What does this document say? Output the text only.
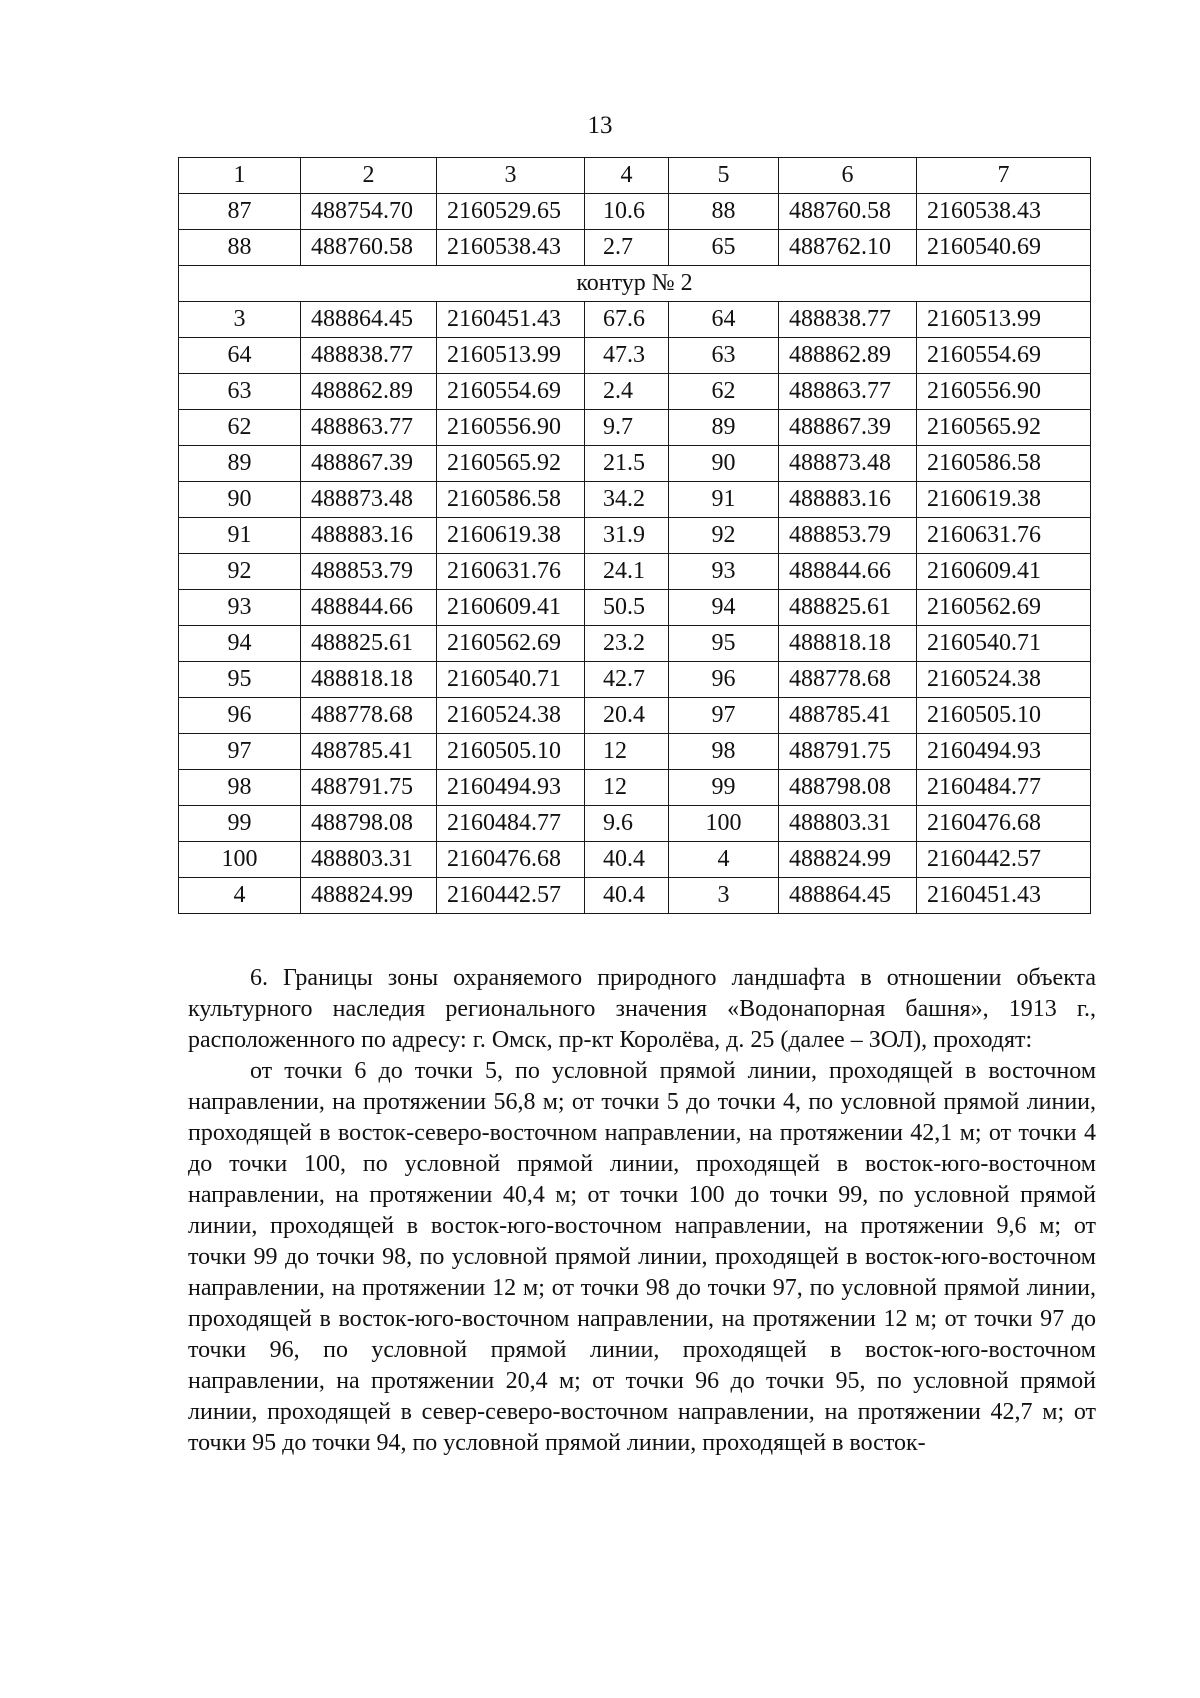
13
1	2	3	4	5	6	7
87	488754.70	2160529.65	10.6	88	488760.58	2160538.43
88	488760.58	2160538.43	2.7	65	488762.10	2160540.69
контур № 2						
3	488864.45	2160451.43	67.6	64	488838.77	2160513.99
64	488838.77	2160513.99	47.3	63	488862.89	2160554.69
63	488862.89	2160554.69	2.4	62	488863.77	2160556.90
62	488863.77	2160556.90	9.7	89	488867.39	2160565.92
89	488867.39	2160565.92	21.5	90	488873.48	2160586.58
90	488873.48	2160586.58	34.2	91	488883.16	2160619.38
91	488883.16	2160619.38	31.9	92	488853.79	2160631.76
92	488853.79	2160631.76	24.1	93	488844.66	2160609.41
93	488844.66	2160609.41	50.5	94	488825.61	2160562.69
94	488825.61	2160562.69	23.2	95	488818.18	2160540.71
95	488818.18	2160540.71	42.7	96	488778.68	2160524.38
96	488778.68	2160524.38	20.4	97	488785.41	2160505.10
97	488785.41	2160505.10	12	98	488791.75	2160494.93
98	488791.75	2160494.93	12	99	488798.08	2160484.77
99	488798.08	2160484.77	9.6	100	488803.31	2160476.68
100	488803.31	2160476.68	40.4	4	488824.99	2160442.57
4	488824.99	2160442.57	40.4	3	488864.45	2160451.43

6. Границы зоны охраняемого природного ландшафта в отношении объекта культурного наследия регионального значения «Водонапорная башня», 1913 г., расположенного по адресу: г. Омск, пр-кт Королёва, д. 25 (далее – ЗОЛ), проходят:

от точки 6 до точки 5, по условной прямой линии, проходящей в восточном направлении, на протяжении 56,8 м; от точки 5 до точки 4, по условной прямой линии, проходящей в восток-северо-восточном направлении, на протяжении 42,1 м; от точки 4 до точки 100, по условной прямой линии, проходящей в восток-юго-восточном направлении, на протяжении 40,4 м; от точки 100 до точки 99, по условной прямой линии, проходящей в восток-юго-восточном направлении, на протяжении 9,6 м; от точки 99 до точки 98, по условной прямой линии, проходящей в восток-юго-восточном направлении, на протяжении 12 м; от точки 98 до точки 97, по условной прямой линии, проходящей в восток-юго-восточном направлении, на протяжении 12 м; от точки 97 до точки 96, по условной прямой линии, проходящей в восток-юго-восточном направлении, на протяжении 20,4 м; от точки 96 до точки 95, по условной прямой линии, проходящей в север-северо-восточном направлении, на протяжении 42,7 м; от точки 95 до точки 94, по условной прямой линии, проходящей в восток-
